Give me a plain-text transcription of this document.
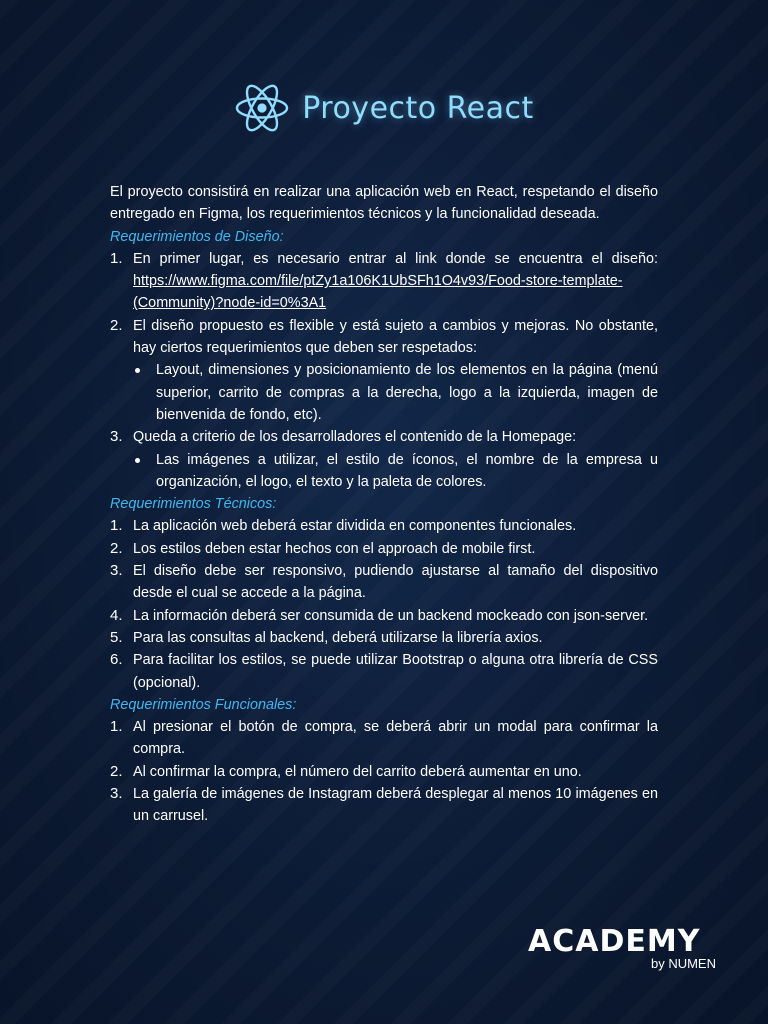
Proyecto React

El proyecto consistirá en realizar una aplicación web en React, respetando el diseño entregado en Figma, los requerimientos técnicos y la funcionalidad deseada.

Requerimientos de Diseño:

1. En primer lugar, es necesario entrar al link donde se encuentra el diseño: https://www.figma.com/file/ptZy1a106K1UbSFh1O4v93/Food-store-template-(Community)?node-id=0%3A1
2. El diseño propuesto es flexible y está sujeto a cambios y mejoras. No obstante, hay ciertos requerimientos que deben ser respetados:
Layout, dimensiones y posicionamiento de los elementos en la página (menú superior, carrito de compras a la derecha, logo a la izquierda, imagen de bienvenida de fondo, etc).
3. Queda a criterio de los desarrolladores el contenido de la Homepage:
Las imágenes a utilizar, el estilo de íconos, el nombre de la empresa u organización, el logo, el texto y la paleta de colores.

Requerimientos Técnicos:

1. La aplicación web deberá estar dividida en componentes funcionales.
2. Los estilos deben estar hechos con el approach de mobile first.
3. El diseño debe ser responsivo, pudiendo ajustarse al tamaño del dispositivo desde el cual se accede a la página.
4. La información deberá ser consumida de un backend mockeado con json-server.
5. Para las consultas al backend, deberá utilizarse la librería axios.
6. Para facilitar los estilos, se puede utilizar Bootstrap o alguna otra librería de CSS (opcional).

Requerimientos Funcionales:

1. Al presionar el botón de compra, se deberá abrir un modal para confirmar la compra.
2. Al confirmar la compra, el número del carrito deberá aumentar en uno.
3. La galería de imágenes de Instagram deberá desplegar al menos 10 imágenes en un carrusel.
ACADEMY
by NUMEN
